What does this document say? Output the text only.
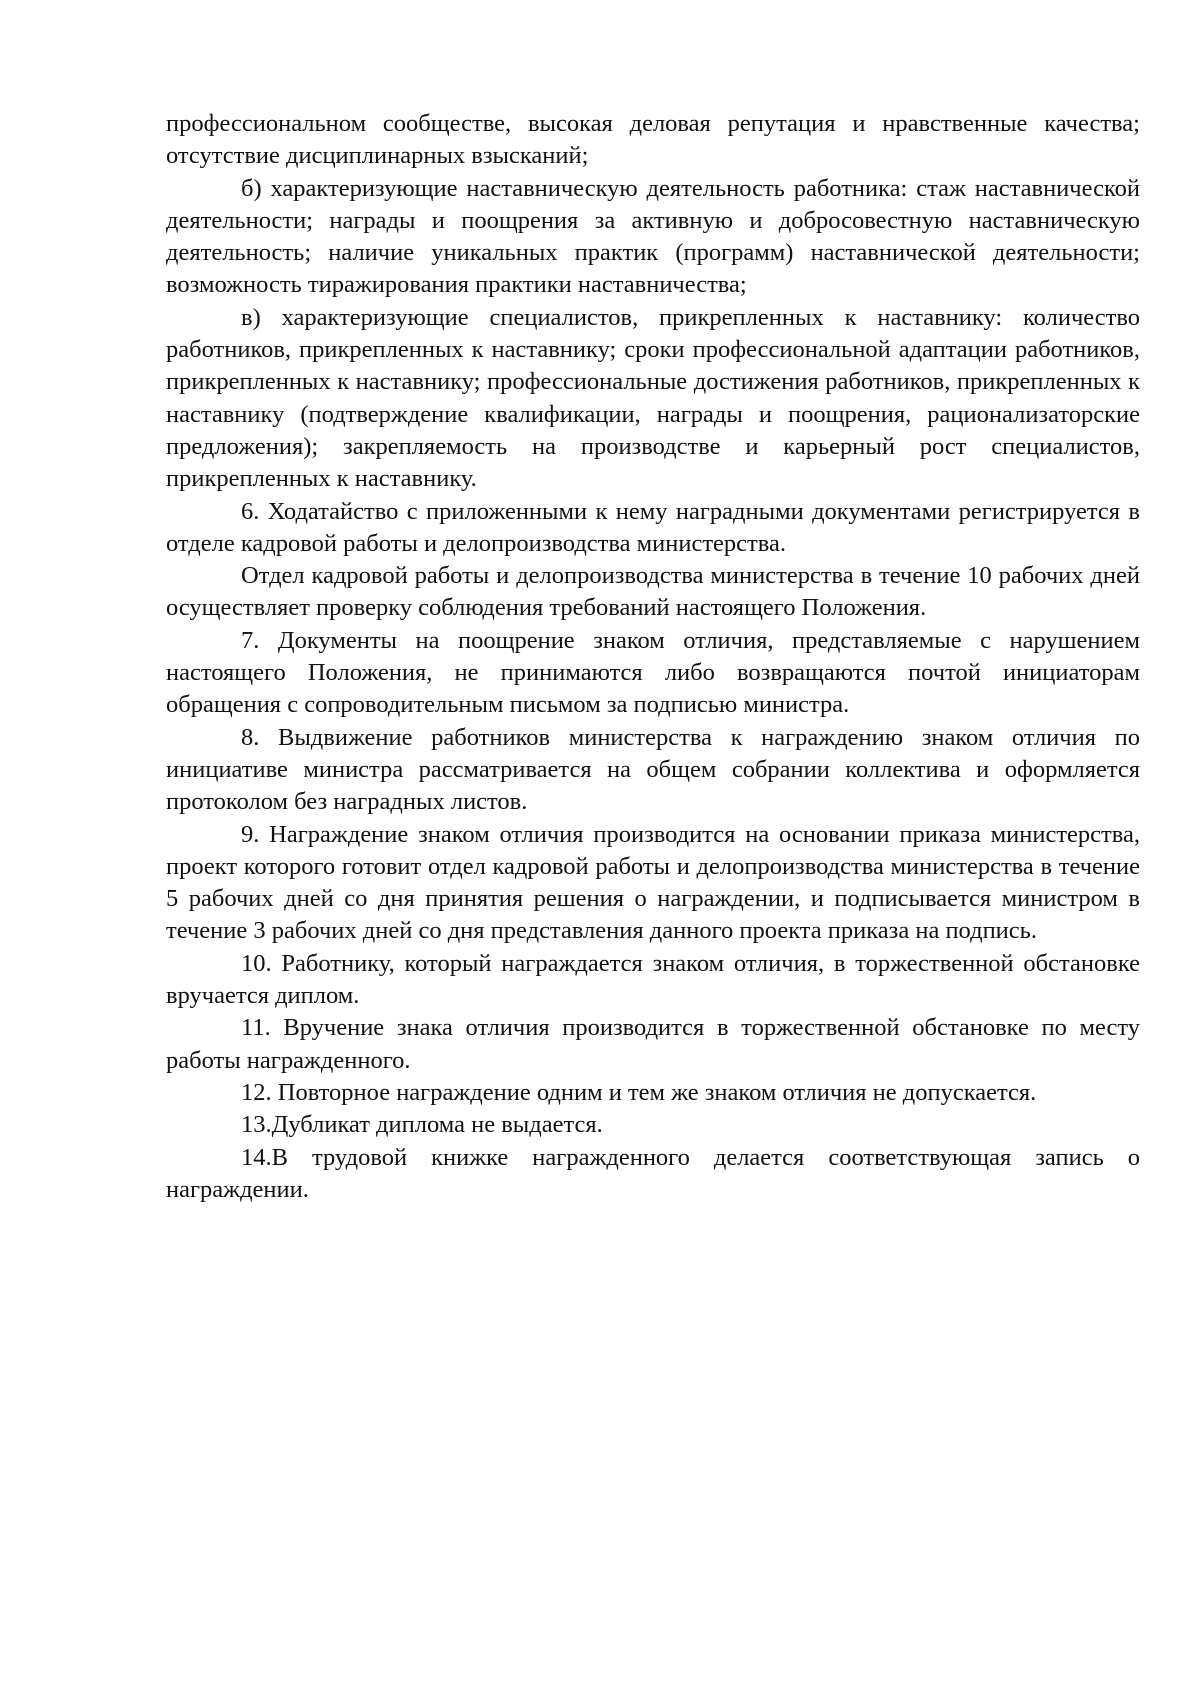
профессиональном сообществе, высокая деловая репутация и нравственные качества; отсутствие дисциплинарных взысканий;

б) характеризующие наставническую деятельность работника: стаж наставнической деятельности; награды и поощрения за активную и добросовестную наставническую деятельность; наличие уникальных практик (программ) наставнической деятельности; возможность тиражирования практики наставничества;

в) характеризующие специалистов, прикрепленных к наставнику: количество работников, прикрепленных к наставнику; сроки профессиональной адаптации работников, прикрепленных к наставнику; профессиональные достижения работников, прикрепленных к наставнику (подтверждение квалификации, награды и поощрения, рационализаторские предложения); закрепляемость на производстве и карьерный рост специалистов, прикрепленных к наставнику.

6. Ходатайство с приложенными к нему наградными документами регистрируется в отделе кадровой работы и делопроизводства министерства.

Отдел кадровой работы и делопроизводства министерства в течение 10 рабочих дней осуществляет проверку соблюдения требований настоящего Положения.

7. Документы на поощрение знаком отличия, представляемые с нарушением настоящего Положения, не принимаются либо возвращаются почтой инициаторам обращения с сопроводительным письмом за подписью министра.

8. Выдвижение работников министерства к награждению знаком отличия по инициативе министра рассматривается на общем собрании коллектива и оформляется протоколом без наградных листов.

9. Награждение знаком отличия производится на основании приказа министерства, проект которого готовит отдел кадровой работы и делопроизводства министерства в течение 5 рабочих дней со дня принятия решения о награждении, и подписывается министром в течение 3 рабочих дней со дня представления данного проекта приказа на подпись.

10. Работнику, который награждается знаком отличия, в торжественной обстановке вручается диплом.

11. Вручение знака отличия производится в торжественной обстановке по месту работы награжденного.

12. Повторное награждение одним и тем же знаком отличия не допускается.

13.Дубликат диплома не выдается.

14.В трудовой книжке награжденного делается соответствующая запись о награждении.
